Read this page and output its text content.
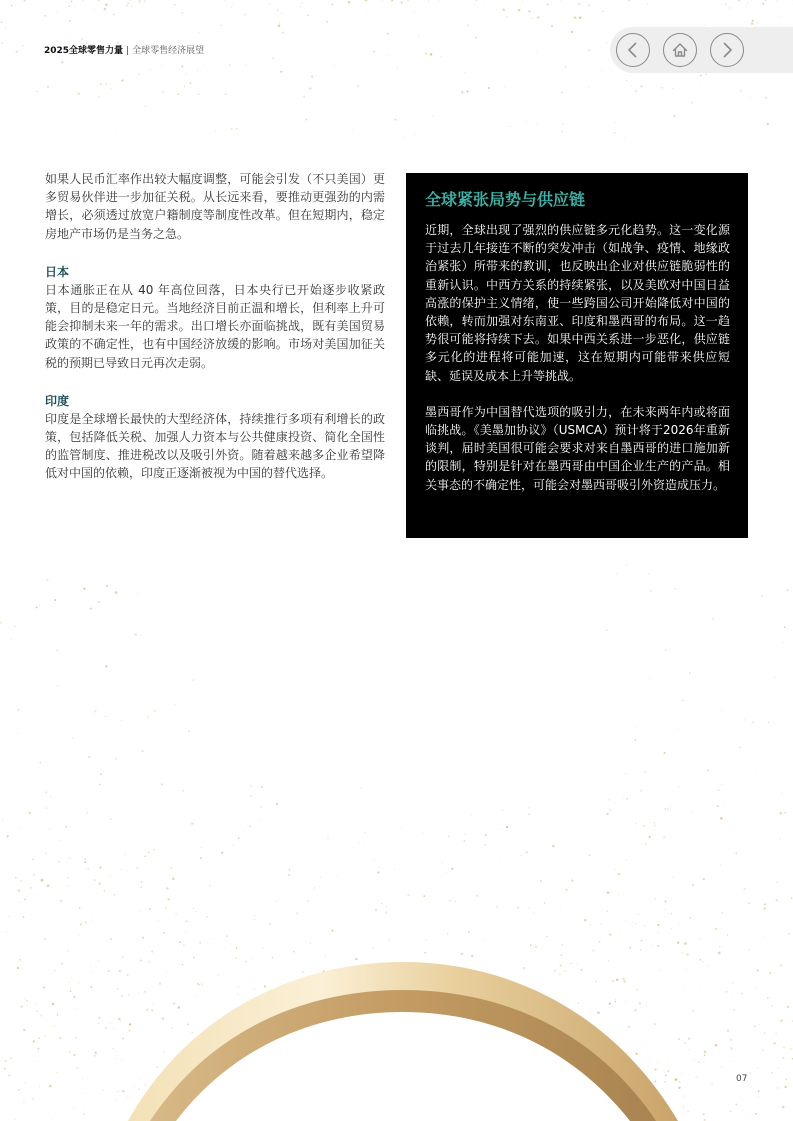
2025全球零售力量 | 全球零售经济展望

如果人民币汇率作出较大幅度调整，可能会引发（不只美国）更多贸易伙伴进一步加征关税。从长远来看，要推动更强劲的内需增长，必须透过放宽户籍制度等制度性改革。但在短期内，稳定房地产市场仍是当务之急。

日本

日本通胀正在从 40 年高位回落，日本央行已开始逐步收紧政策，目的是稳定日元。当地经济目前正温和增长，但利率上升可能会抑制未来一年的需求。出口增长亦面临挑战，既有美国贸易政策的不确定性，也有中国经济放缓的影响。市场对美国加征关税的预期已导致日元再次走弱。

印度

印度是全球增长最快的大型经济体，持续推行多项有利增长的政策，包括降低关税、加强人力资本与公共健康投资、简化全国性的监管制度、推进税改以及吸引外资。随着越来越多企业希望降低对中国的依赖，印度正逐渐被视为中国的替代选择。

全球紧张局势与供应链

近期，全球出现了强烈的供应链多元化趋势。这一变化源于过去几年接连不断的突发冲击（如战争、疫情、地缘政治紧张）所带来的教训，也反映出企业对供应链脆弱性的重新认识。中西方关系的持续紧张，以及美欧对中国日益高涨的保护主义情绪，使一些跨国公司开始降低对中国的依赖，转而加强对东南亚、印度和墨西哥的布局。这一趋势很可能将持续下去。如果中西关系进一步恶化，供应链多元化的进程将可能加速，这在短期内可能带来供应短缺、延误及成本上升等挑战。

墨西哥作为中国替代选项的吸引力，在未来两年内或将面临挑战。《美墨加协议》（USMCA）预计将于2026年重新谈判，届时美国很可能会要求对来自墨西哥的进口施加新的限制，特别是针对在墨西哥由中国企业生产的产品。相关事态的不确定性，可能会对墨西哥吸引外资造成压力。

07
